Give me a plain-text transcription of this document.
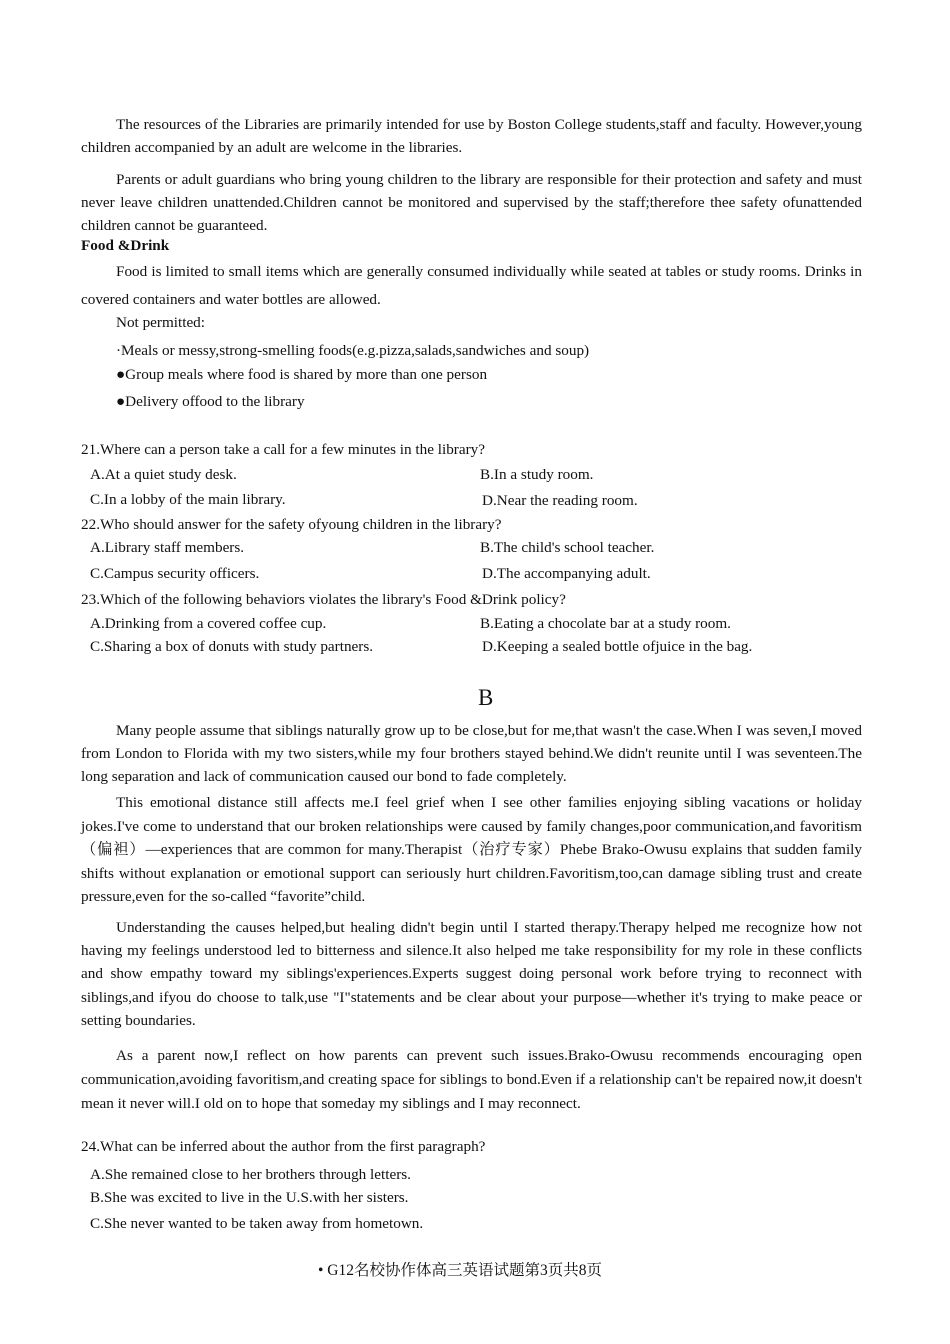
The resources of the Libraries are primarily intended for use by Boston College students,staff and faculty. However,young children accompanied by an adult are welcome in the libraries.

Parents or adult guardians who bring young children to the library are responsible for their protection and safety and must never leave children unattended.Children cannot be monitored and supervised by the staff;therefore thee safety ofunattended children cannot be guaranteed.

Food &Drink

Food is limited to small items which are generally consumed individually while seated at tables or study rooms. Drinks in covered containers and water bottles are allowed.

Not permitted:
·Meals or messy,strong-smelling foods(e.g.pizza,salads,sandwiches and soup)
●Group meals where food is shared by more than one person
●Delivery offood to the library
21.Where can a person take a call for a few minutes in the library?
A.At a quiet study desk.	B.In a study room.
C.In a lobby of the main library.	D.Near the reading room.
22.Who should answer for the safety ofyoung children in the library?
A.Library staff members.	B.The child's school teacher.
C.Campus security officers.	D.The accompanying adult.
23.Which of the following behaviors violates the library's Food &Drink policy?
A.Drinking from a covered coffee cup.	B.Eating a chocolate bar at a study room.
C.Sharing a box of donuts with study partners.	D.Keeping a sealed bottle ofjuice in the bag.
B

Many people assume that siblings naturally grow up to be close,but for me,that wasn't the case.When I was seven,I moved from London to Florida with my two sisters,while my four brothers stayed behind.We didn't reunite until I was seventeen.The long separation and lack of communication caused our bond to fade completely.

This emotional distance still affects me.I feel grief when I see other families enjoying sibling vacations or holiday jokes.I've come to understand that our broken relationships were caused by family changes,poor communication,and favoritism（偏袒）—experiences that are common for many.Therapist（治疗专家）Phebe Brako-Owusu explains that sudden family shifts without explanation or emotional support can seriously hurt children.Favoritism,too,can damage sibling trust and create pressure,even for the so-called “favorite”child.

Understanding the causes helped,but healing didn't begin until I started therapy.Therapy helped me recognize how not having my feelings understood led to bitterness and silence.It also helped me take responsibility for my role in these conflicts and show empathy toward my siblings'experiences.Experts suggest doing personal work before trying to reconnect with siblings,and ifyou do choose to talk,use "I"statements and be clear about your purpose—whether it's trying to make peace or setting boundaries.

As a parent now,I reflect on how parents can prevent such issues.Brako-Owusu recommends encouraging open communication,avoiding favoritism,and creating space for siblings to bond.Even if a relationship can't be repaired now,it doesn't mean it never will.I old on to hope that someday my siblings and I may reconnect.

24.What can be inferred about the author from the first paragraph?
A.She remained close to her brothers through letters.
B.She was excited to live in the U.S.with her sisters.
C.She never wanted to be taken away from hometown.
• G12名校协作体高三英语试题第3页共8页
